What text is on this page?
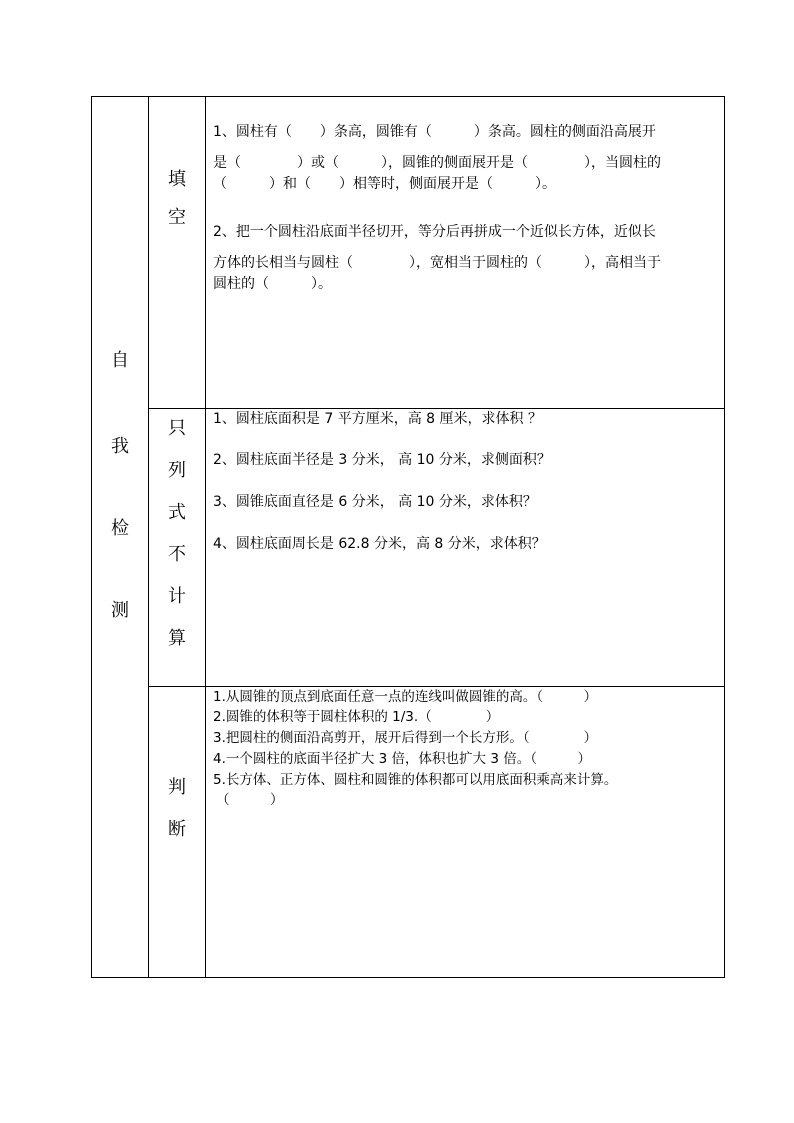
自
我
检
测
填
空
只
列
式
不
计
算
判
断
1、圆柱有（　　）条高，圆锥有（　　　）条高。圆柱的侧面沿高展开
是（　　　　）或（　　　），圆锥的侧面展开是（　　　　），当圆柱的
（　　　）和（　　）相等时，侧面展开是（　　　）。
2、把一个圆柱沿底面半径切开，等分后再拼成一个近似长方体，近似长
方体的长相当与圆柱（　　　　），宽相当于圆柱的（　　　），高相当于
圆柱的（　　　）。
1、圆柱底面积是 7 平方厘米，高 8 厘米，求体积 ？
2、圆柱底面半径是 3 分米， 高 10 分米，求侧面积？
3、圆锥底面直径是 6 分米， 高 10 分米，求体积？
4、圆柱底面周长是 62.8 分米，高 8 分米，求体积？
1.从圆锥的顶点到底面任意一点的连线叫做圆锥的高。（　　　）
2.圆锥的体积等于圆柱体积的 1/3.（　　　　）
3.把圆柱的侧面沿高剪开，展开后得到一个长方形。（　　　　）
4.一个圆柱的底面半径扩大 3 倍，体积也扩大 3 倍。（　　　）
5.长方体、正方体、圆柱和圆锥的体积都可以用底面积乘高来计算。
（　　　）
